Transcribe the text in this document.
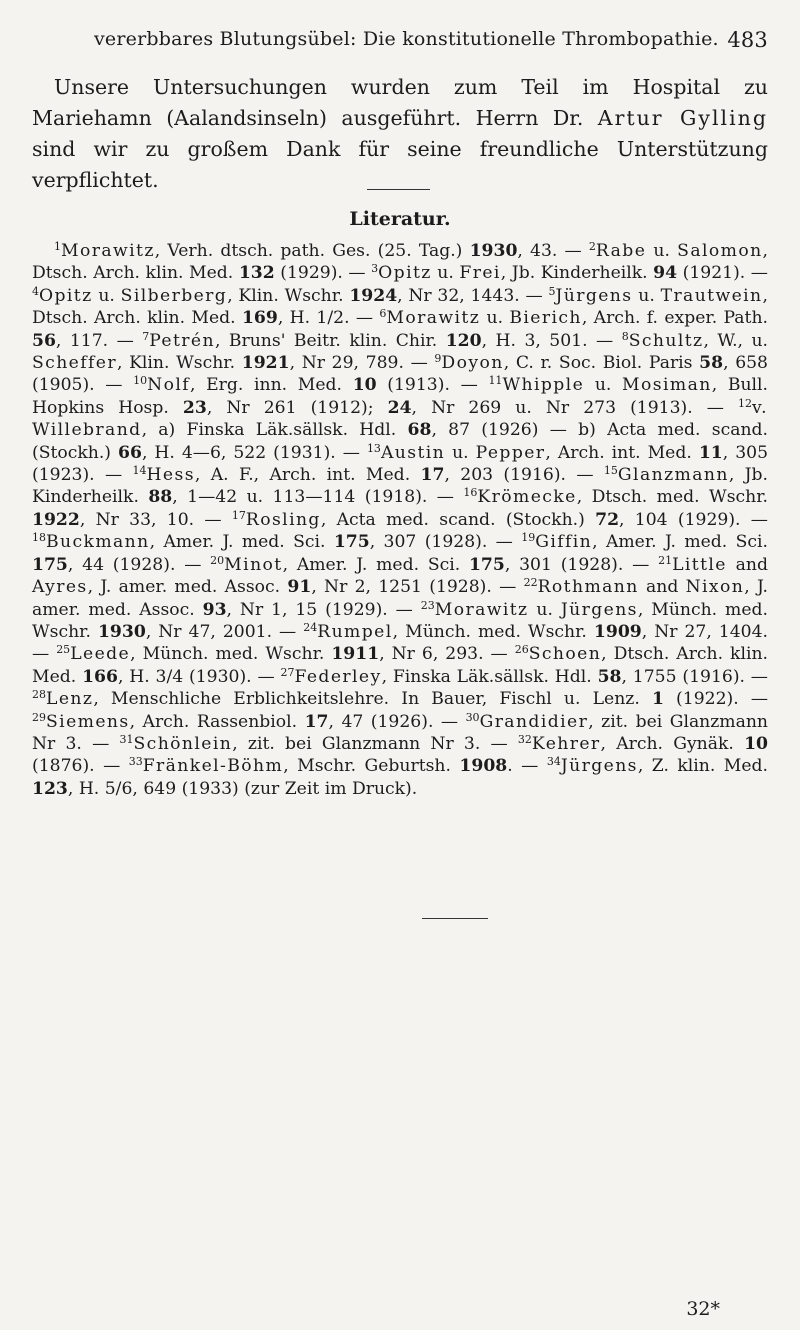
vererbbares Blutungsübel: Die konstitutionelle Thrombopathie. 483
Unsere Untersuchungen wurden zum Teil im Hospital zu Mariehamn (Aalandsinseln) ausgeführt. Herrn Dr. Artur Gylling sind wir zu großem Dank für seine freundliche Unterstützung verpflichtet.
Literatur.

$^1$Morawitz, Verh. dtsch. path. Ges. (25. Tag.) 1930, 43. — $^2$Rabe u. Salomon, Dtsch. Arch. klin. Med. 132 (1929). — $^3$Opitz u. Frei, Jb. Kinderheilk. 94 (1921). — $^4$Opitz u. Silberberg, Klin. Wschr. 1924, Nr 32, 1443. — $^5$Jürgens u. Trautwein, Dtsch. Arch. klin. Med. 169, H. 1/2. — $^6$Morawitz u. Bierich, Arch. f. exper. Path. 56, 117. — $^7$Petrén, Bruns' Beitr. klin. Chir. 120, H. 3, 501. — $^8$Schultz, W., u. Scheffer, Klin. Wschr. 1921, Nr 29, 789. — $^9$Doyon, C. r. Soc. Biol. Paris 58, 658 (1905). — $^{10}$Nolf, Erg. inn. Med. 10 (1913). — $^{11}$Whipple u. Mosiman, Bull. Hopkins Hosp. 23, Nr 261 (1912); 24, Nr 269 u. Nr 273 (1913). — $^{12}$v. Willebrand, a) Finska Läk.sällsk. Hdl. 68, 87 (1926) — b) Acta med. scand. (Stockh.) 66, H. 4—6, 522 (1931). — $^{13}$Austin u. Pepper, Arch. int. Med. 11, 305 (1923). — $^{14}$Hess, A. F., Arch. int. Med. 17, 203 (1916). — $^{15}$Glanzmann, Jb. Kinderheilk. 88, 1—42 u. 113—114 (1918). — $^{16}$Krömecke, Dtsch. med. Wschr. 1922, Nr 33, 10. — $^{17}$Rosling, Acta med. scand. (Stockh.) 72, 104 (1929). — $^{18}$Buckmann, Amer. J. med. Sci. 175, 307 (1928). — $^{19}$Giffin, Amer. J. med. Sci. 175, 44 (1928). — $^{20}$Minot, Amer. J. med. Sci. 175, 301 (1928). — $^{21}$Little and Ayres, J. amer. med. Assoc. 91, Nr 2, 1251 (1928). — $^{22}$Rothmann and Nixon, J. amer. med. Assoc. 93, Nr 1, 15 (1929). — $^{23}$Morawitz u. Jürgens, Münch. med. Wschr. 1930, Nr 47, 2001. — $^{24}$Rumpel, Münch. med. Wschr. 1909, Nr 27, 1404. — $^{25}$Leede, Münch. med. Wschr. 1911, Nr 6, 293. — $^{26}$Schoen, Dtsch. Arch. klin. Med. 166, H. 3/4 (1930). — $^{27}$Federley, Finska Läk.sällsk. Hdl. 58, 1755 (1916). — $^{28}$Lenz, Menschliche Erblichkeitslehre. In Bauer, Fischl u. Lenz. 1 (1922). — $^{29}$Siemens, Arch. Rassenbiol. 17, 47 (1926). — $^{30}$Grandidier, zit. bei Glanzmann Nr 3. — $^{31}$Schönlein, zit. bei Glanzmann Nr 3. — $^{32}$Kehrer, Arch. Gynäk. 10 (1876). — $^{33}$Fränkel-Böhm, Mschr. Geburtsh. 1908. — $^{34}$Jürgens, Z. klin. Med. 123, H. 5/6, 649 (1933) (zur Zeit im Druck).

32*
